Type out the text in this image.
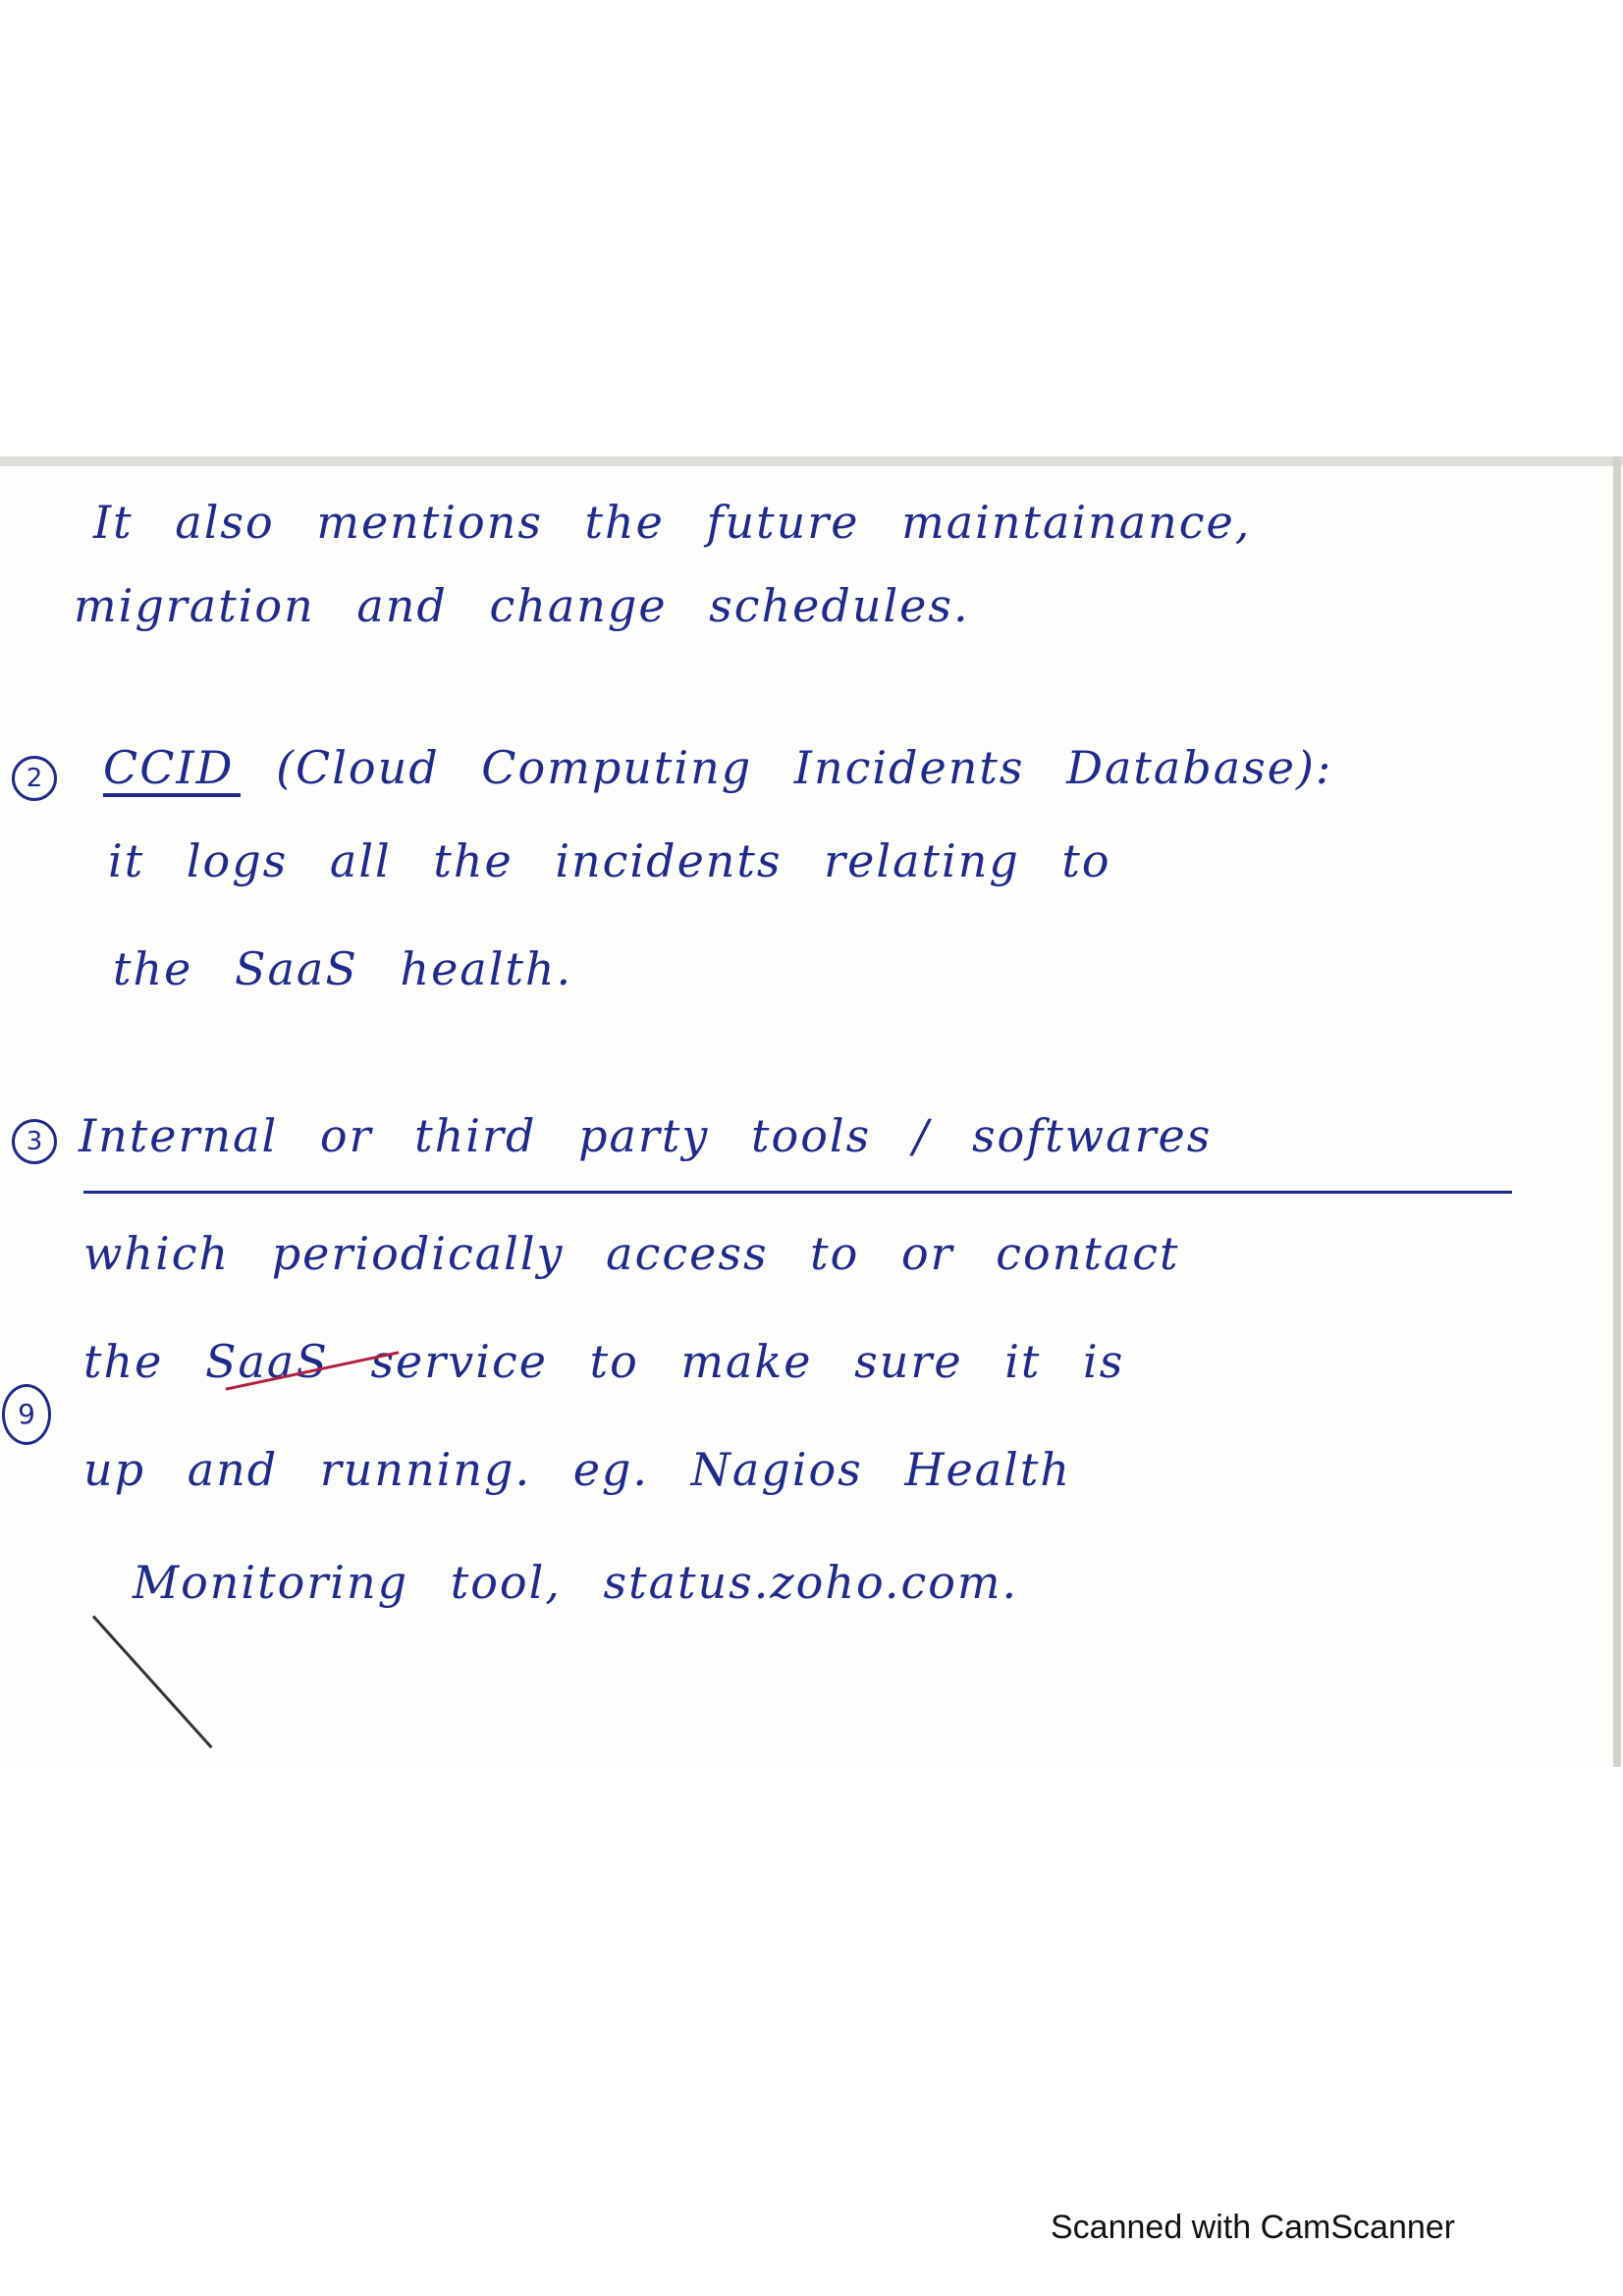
It also mentions the future maintainance,
migration and change schedules.
2	CCID (Cloud Computing Incidents Database):
it logs all the incidents relating to
the SaaS health.
3 Internal or third party tools / softwares
which periodically access to or contact
9
the SaaS service to make sure it is
up and running. eg. Nagios Health
Monitoring tool, status.zoho.com.
Scanned with CamScanner
